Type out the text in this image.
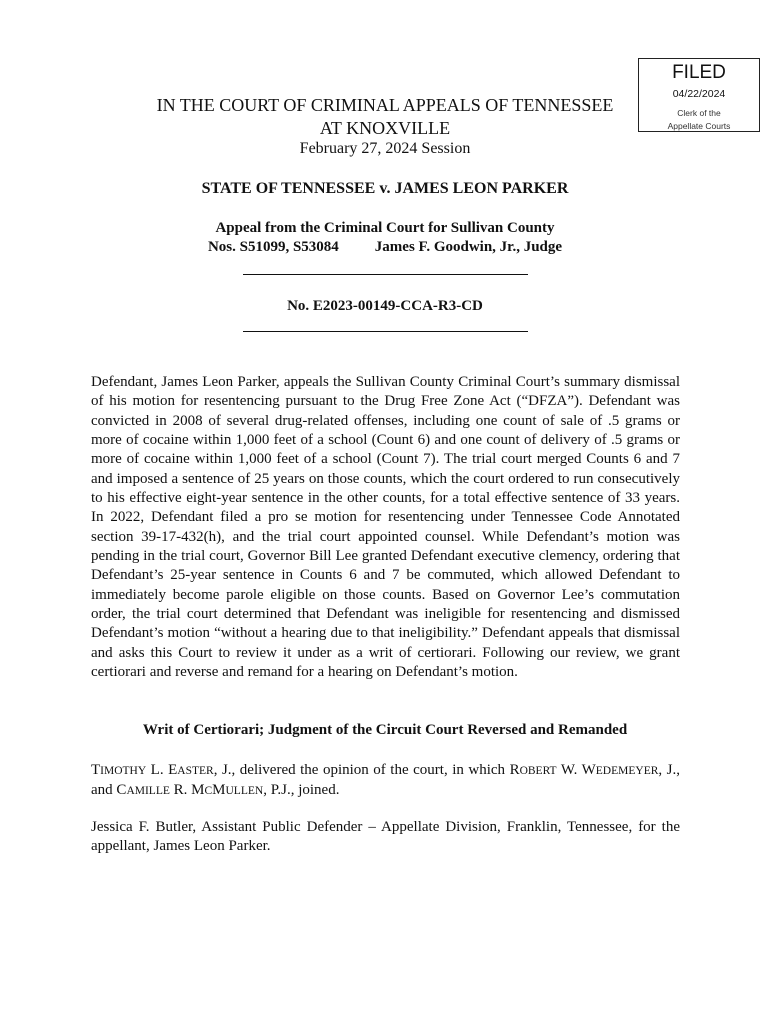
FILED
04/22/2024
Clerk of the
Appellate Courts
IN THE COURT OF CRIMINAL APPEALS OF TENNESSEE
AT KNOXVILLE
February 27, 2024 Session
STATE OF TENNESSEE v. JAMES LEON PARKER
Appeal from the Criminal Court for Sullivan County
Nos. S51099, S53084 James F. Goodwin, Jr., Judge
No. E2023-00149-CCA-R3-CD
Defendant, James Leon Parker, appeals the Sullivan County Criminal Court’s summary dismissal of his motion for resentencing pursuant to the Drug Free Zone Act (“DFZA”). Defendant was convicted in 2008 of several drug-related offenses, including one count of sale of .5 grams or more of cocaine within 1,000 feet of a school (Count 6) and one count of delivery of .5 grams or more of cocaine within 1,000 feet of a school (Count 7). The trial court merged Counts 6 and 7 and imposed a sentence of 25 years on those counts, which the court ordered to run consecutively to his effective eight-year sentence in the other counts, for a total effective sentence of 33 years. In 2022, Defendant filed a pro se motion for resentencing under Tennessee Code Annotated section 39-17-432(h), and the trial court appointed counsel. While Defendant’s motion was pending in the trial court, Governor Bill Lee granted Defendant executive clemency, ordering that Defendant’s 25-year sentence in Counts 6 and 7 be commuted, which allowed Defendant to immediately become parole eligible on those counts. Based on Governor Lee’s commutation order, the trial court determined that Defendant was ineligible for resentencing and dismissed Defendant’s motion “without a hearing due to that ineligibility.” Defendant appeals that dismissal and asks this Court to review it under as a writ of certiorari. Following our review, we grant certiorari and reverse and remand for a hearing on Defendant’s motion.
Writ of Certiorari; Judgment of the Circuit Court Reversed and Remanded
TIMOTHY L. EASTER, J., delivered the opinion of the court, in which ROBERT W. WEDEMEYER, J., and CAMILLE R. MCMULLEN, P.J., joined.
Jessica F. Butler, Assistant Public Defender – Appellate Division, Franklin, Tennessee, for the appellant, James Leon Parker.
